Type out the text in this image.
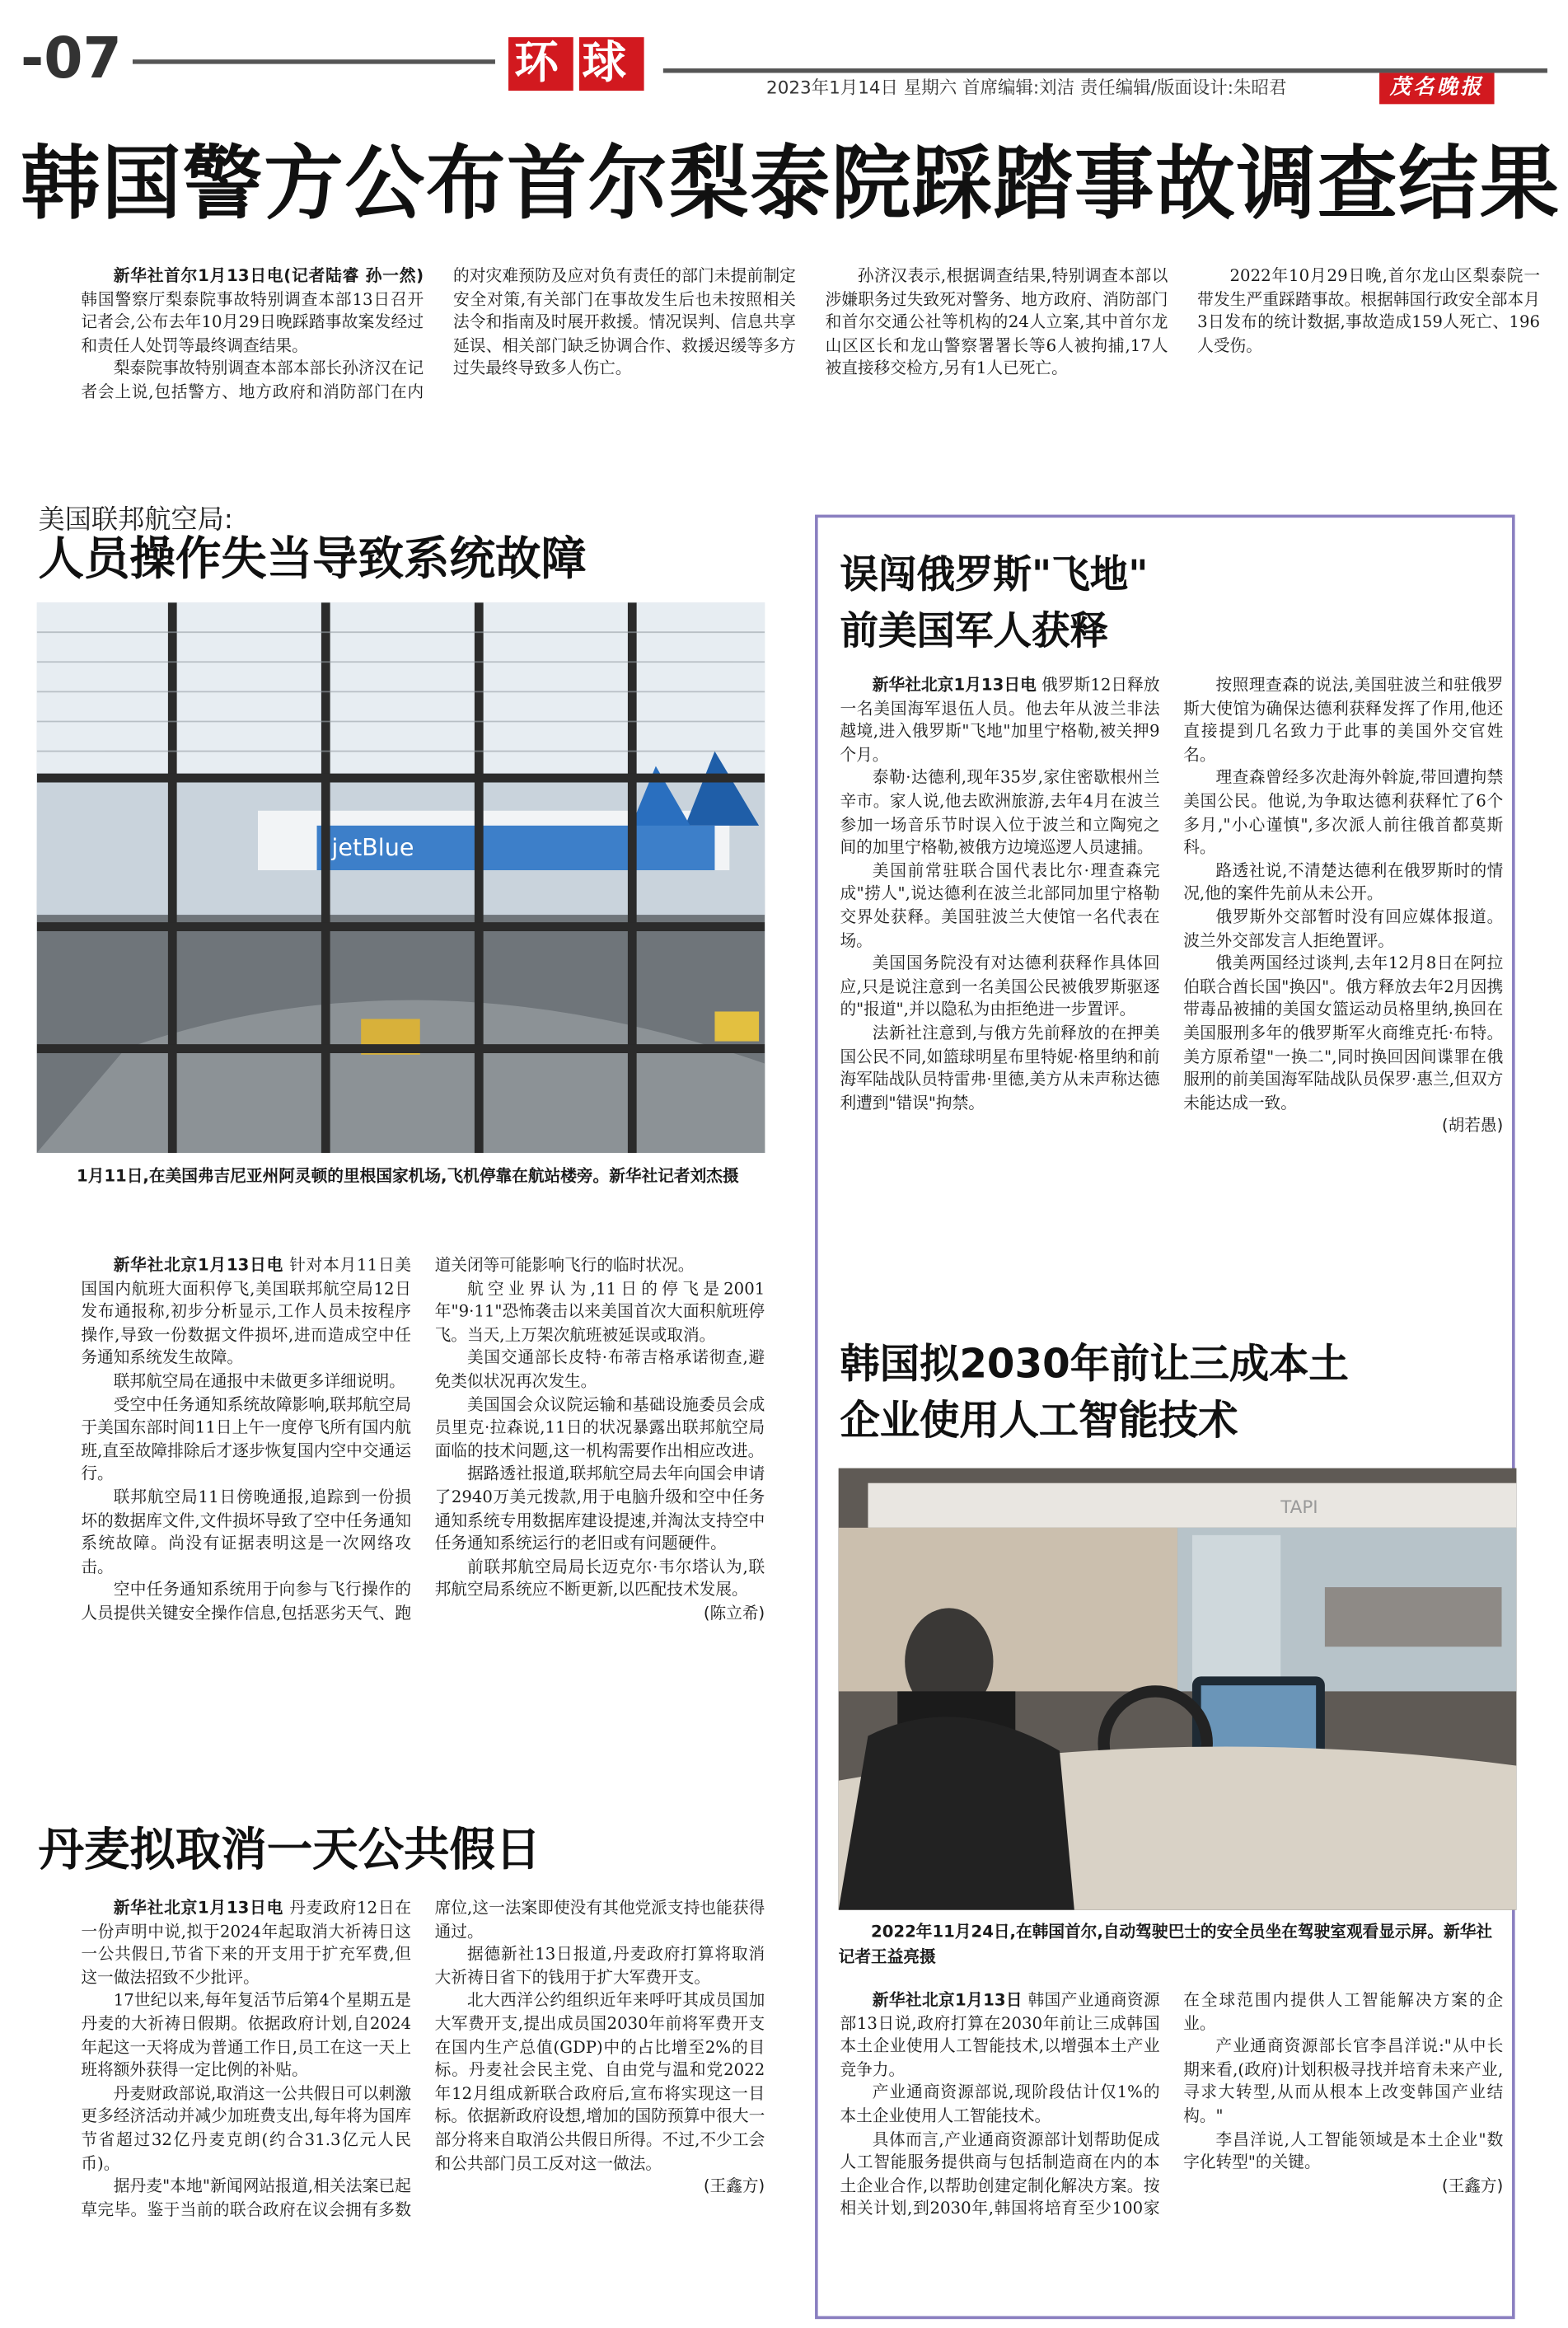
-07	环球	2023年1月14日 星期六 首席编辑:刘洁 责任编辑/版面设计:朱昭君	茂名晚报
韩国警方公布首尔梨泰院踩踏事故调查结果

新华社首尔1月13日电(记者陆睿 孙一然)韩国警察厅梨泰院事故特别调查本部13日召开记者会,公布去年10月29日晚踩踏事故案发经过和责任人处罚等最终调查结果。

梨泰院事故特别调查本部本部长孙济汉在记者会上说,包括警方、地方政府和消防部门在内的对灾难预防及应对负有责任的部门未提前制定安全对策,有关部门在事故发生后也未按照相关法令和指南及时展开救援。情况误判、信息共享延误、相关部门缺乏协调合作、救援迟缓等多方过失最终导致多人伤亡。

孙济汉表示,根据调查结果,特别调查本部以涉嫌职务过失致死对警务、地方政府、消防部门和首尔交通公社等机构的24人立案,其中首尔龙山区区长和龙山警察署署长等6人被拘捕,17人被直接移交检方,另有1人已死亡。

2022年10月29日晚,首尔龙山区梨泰院一带发生严重踩踏事故。根据韩国行政安全部本月3日发布的统计数据,事故造成159人死亡、196人受伤。

美国联邦航空局:
人员操作失当导致系统故障
jetBlue
1月11日,在美国弗吉尼亚州阿灵顿的里根国家机场,飞机停靠在航站楼旁。新华社记者刘杰摄

新华社北京1月13日电 针对本月11日美国国内航班大面积停飞,美国联邦航空局12日发布通报称,初步分析显示,工作人员未按程序操作,导致一份数据文件损坏,进而造成空中任务通知系统发生故障。

联邦航空局在通报中未做更多详细说明。

受空中任务通知系统故障影响,联邦航空局于美国东部时间11日上午一度停飞所有国内航班,直至故障排除后才逐步恢复国内空中交通运行。

联邦航空局11日傍晚通报,追踪到一份损坏的数据库文件,文件损坏导致了空中任务通知系统故障。尚没有证据表明这是一次网络攻击。

空中任务通知系统用于向参与飞行操作的人员提供关键安全操作信息,包括恶劣天气、跑道关闭等可能影响飞行的临时状况。

航空业界认为,11日的停飞是2001年"9·11"恐怖袭击以来美国首次大面积航班停飞。当天,上万架次航班被延误或取消。

美国交通部长皮特·布蒂吉格承诺彻查,避免类似状况再次发生。

美国国会众议院运输和基础设施委员会成员里克·拉森说,11日的状况暴露出联邦航空局面临的技术问题,这一机构需要作出相应改进。

据路透社报道,联邦航空局去年向国会申请了2940万美元拨款,用于电脑升级和空中任务通知系统专用数据库建设提速,并淘汰支持空中任务通知系统运行的老旧或有问题硬件。

前联邦航空局局长迈克尔·韦尔塔认为,联邦航空局系统应不断更新,以匹配技术发展。

(陈立希)
丹麦拟取消一天公共假日

新华社北京1月13日电 丹麦政府12日在一份声明中说,拟于2024年起取消大祈祷日这一公共假日,节省下来的开支用于扩充军费,但这一做法招致不少批评。

17世纪以来,每年复活节后第4个星期五是丹麦的大祈祷日假期。依据政府计划,自2024年起这一天将成为普通工作日,员工在这一天上班将额外获得一定比例的补贴。

丹麦财政部说,取消这一公共假日可以刺激更多经济活动并减少加班费支出,每年将为国库节省超过32亿丹麦克朗(约合31.3亿元人民币)。

据丹麦"本地"新闻网站报道,相关法案已起草完毕。鉴于当前的联合政府在议会拥有多数席位,这一法案即使没有其他党派支持也能获得通过。

据德新社13日报道,丹麦政府打算将取消大祈祷日省下的钱用于扩大军费开支。

北大西洋公约组织近年来呼吁其成员国加大军费开支,提出成员国2030年前将军费开支在国内生产总值(GDP)中的占比增至2%的目标。丹麦社会民主党、自由党与温和党2022年12月组成新联合政府后,宣布将实现这一目标。依据新政府设想,增加的国防预算中很大一部分将来自取消公共假日所得。不过,不少工会和公共部门员工反对这一做法。

(王鑫方)
误闯俄罗斯"飞地"
前美国军人获释

新华社北京1月13日电 俄罗斯12日释放一名美国海军退伍人员。他去年从波兰非法越境,进入俄罗斯"飞地"加里宁格勒,被关押9个月。

泰勒·达德利,现年35岁,家住密歇根州兰辛市。家人说,他去欧洲旅游,去年4月在波兰参加一场音乐节时误入位于波兰和立陶宛之间的加里宁格勒,被俄方边境巡逻人员逮捕。

美国前常驻联合国代表比尔·理查森完成"捞人",说达德利在波兰北部同加里宁格勒交界处获释。美国驻波兰大使馆一名代表在场。

美国国务院没有对达德利获释作具体回应,只是说注意到一名美国公民被俄罗斯驱逐的"报道",并以隐私为由拒绝进一步置评。

法新社注意到,与俄方先前释放的在押美国公民不同,如篮球明星布里特妮·格里纳和前海军陆战队员特雷弗·里德,美方从未声称达德利遭到"错误"拘禁。

按照理查森的说法,美国驻波兰和驻俄罗斯大使馆为确保达德利获释发挥了作用,他还直接提到几名致力于此事的美国外交官姓名。

理查森曾经多次赴海外斡旋,带回遭拘禁美国公民。他说,为争取达德利获释忙了6个多月,"小心谨慎",多次派人前往俄首都莫斯科。

路透社说,不清楚达德利在俄罗斯时的情况,他的案件先前从未公开。

俄罗斯外交部暂时没有回应媒体报道。波兰外交部发言人拒绝置评。

俄美两国经过谈判,去年12月8日在阿拉伯联合酋长国"换囚"。俄方释放去年2月因携带毒品被捕的美国女篮运动员格里纳,换回在美国服刑多年的俄罗斯军火商维克托·布特。美方原希望"一换二",同时换回因间谍罪在俄服刑的前美国海军陆战队员保罗·惠兰,但双方未能达成一致。

(胡若愚)
韩国拟2030年前让三成本土
企业使用人工智能技术
TAPI
2022年11月24日,在韩国首尔,自动驾驶巴士的安全员坐在驾驶室观看显示屏。新华社记者王益亮摄

新华社北京1月13日 韩国产业通商资源部13日说,政府打算在2030年前让三成韩国本土企业使用人工智能技术,以增强本土产业竞争力。

产业通商资源部说,现阶段估计仅1%的本土企业使用人工智能技术。

具体而言,产业通商资源部计划帮助促成人工智能服务提供商与包括制造商在内的本土企业合作,以帮助创建定制化解决方案。按相关计划,到2030年,韩国将培育至少100家在全球范围内提供人工智能解决方案的企业。

产业通商资源部长官李昌洋说:"从中长期来看,(政府)计划积极寻找并培育未来产业,寻求大转型,从而从根本上改变韩国产业结构。"

李昌洋说,人工智能领域是本土企业"数字化转型"的关键。

(王鑫方)
